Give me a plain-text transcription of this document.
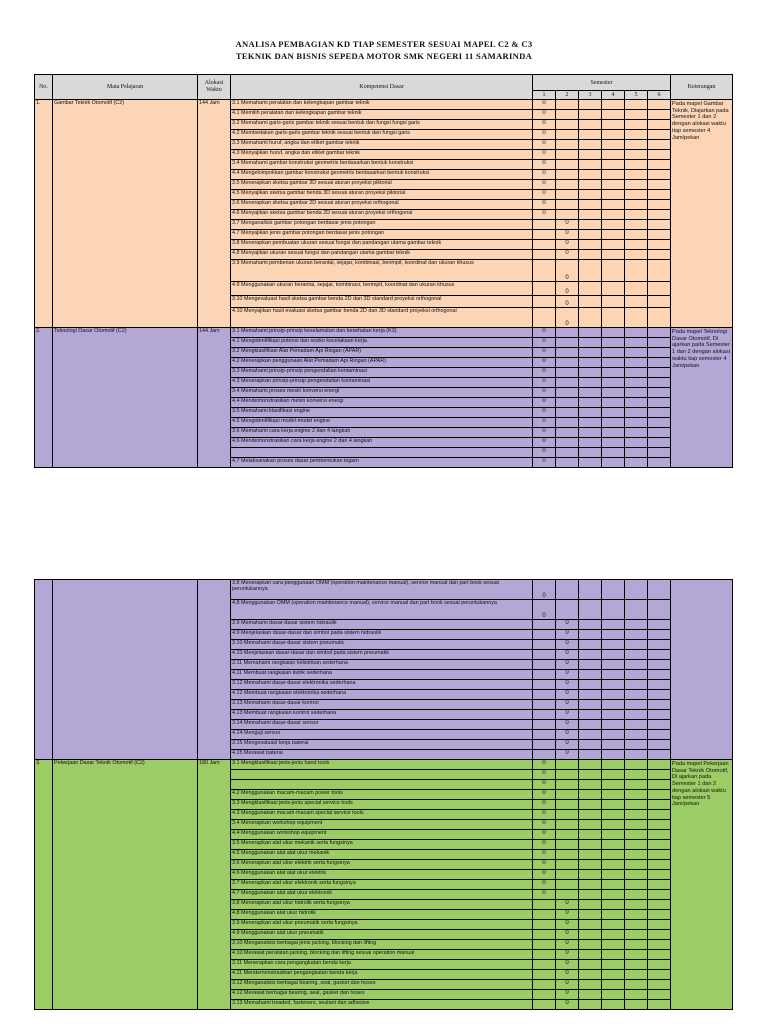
ANALISA PEMBAGIAN KD TIAP SEMESTER SESUAI MAPEL C2 & C3
TEKNIK DAN BISNIS SEPEDA MOTOR SMK NEGERI 11 SAMARINDA
No.	Mata Pelajaran	Alokasi Waktu	Kompetensi Dasar	Semester						Keterangan
				1	2	3	4	5	6	
1.	Gambar Teknik Otomotif (C2)	144 Jam	3.1 Memahami peralatan dan kelengkapan gambar teknik	0						Pada mapel Gambar Teknik, Diajarkan pada Semester 1 dan 2 dengan alokasi waktu tiap semester 4 Jam/pekan
			4.1 Memilih peralatan dan kelengkapan gambar teknik	0						
			3.2 Memahami garis-garis gambar teknik sesuai bentuk dan fungsi fungsi garis	0						
			4.2 Membedakan garis-garis gambar teknik sesuai bentuk dan fungsi garis	0						
			3.3 Memahami huruf, angka dan etiket gambar teknik	0						
			4.3 Menyajikan huruf, angka dan etiket gambar teknik	0						
			3.4 Memahami gambar konstruksi geometris berdasarkan bentuk konstruksi	0						
			4.4 Mengelompokkan gambar konstruksi geometris berdasarkan bentuk konstruksi	0						
			3.5 Menerapkan sketsa gambar 3D sesuai aturan proyeksi piktorial	0						
			4.5 Menyajikan sketsa gambar benda 3D sesuai aturan proyeksi piktorial	0						
			3.6 Menerapkan sketsa gambar 2D sesuai aturan proyeksi orthogonal	0						
			4.6 Menyajikan sketsa gambar benda 2D sesuai aturan proyeksi orthogonal	0						
			3.7 Menganalisis gambar potongan berdasar jenis potongan		0					
			4.7 Menyajikan jenis gambar potongan berdasar jenis potongan		0					
			3.8 Menerapkan pembuatan ukuran sesuai fungsi dan pandangan utama gambar teknik		0					
			4.8 Menyajikan ukuran sesuai fungsi dan pandangan utama gambar teknik		0					
			3.9 Memahami pemberian ukuran berantai, sejajar, kombinasi, berimpit, koordinat dan ukuran khusus		0					
			4.9 Menggunakan ukuran berantai, sejajar, kombinasi, berimpit, koordinat dan ukuran khusus		0					
			3.10 Mengevaluasi hasil sketsa gambar benda 2D dan 3D standard proyeksi orthogonal		0					
			4.10 Menyajikan hasil evaluasi sketsa gambar benda 2D dan 3D standard proyeksi orthogonal		0					
2.	Teknologi Dasar Otomotif (C2)	144 Jam	3.1 Memahami prinsip-prinsip keselamatan dan kesehatan kerja (K3)	0						Pada mapel Teknologi Dasar Otomotif, Di ajarkan pada Semester 1 dan 2 dengan alokasi waktu tiap semester 4 Jam/pekan
			4.1 Mengidentifikasi potensi dan resiko kecelakaan kerja	0						
			3.2 Mengklasifikasi Alat Pemadam Api Ringan (APAR)	0						
			4.2 Menerapkan penggunaan Alat Pemadam Api Ringan (APAR)	0						
			3.3 Memahami prinsip-prinsip pengendalian kontaminasi	0						
			4.3 Menerapkan prinsip-prinsip pengendalian kontaminasi	0						
			3.4 Memahami proses mesin konversi energi	0						
			4.4 Mendemonstrasikan mesin konversi energi	0						
			3.5 Memahami klasifikasi engine	0						
			4.5 Mengidentifikasi model-model engine	0						
			3.6 Memahami cara kerja engine 2 dan 4 langkah	0						
			4.6 Mendemonstrasikan cara kerja engine 2 dan 4 langkah	0						
				0						
			4.7 Melaksanakan proses dasar pembentukan logam	0						
			3.8 Menerapkan cara penggunaan OMM (operation maintenance manual), service manual dan part book sesuai peruntukannya	0						
			4.8 Menggunakan OMM (operation maintenance manual), service manual dan part book sesuai peruntukannya	0						
			3.9 Memahami dasar-dasar sistem hidraulik		0					
			4.9 Menjelaskan dasar-dasar dan simbol pada sistem hidraulik		0					
			3.10 Memahami dasar-dasar sistem pneumatic		0					
			4.10 Menjelaskan dasar-dasar dan simbol pada sistem pneumatik		0					
			3.11 Memahami rangkaian kelistrikan sederhana		0					
			4.11 Membuat rangkaian listrik sederhana		0					
			3.12 Memahami dasar-dasar elektronika sederhana		0					
			4.12 Membuat rangkaian elektronika sederhana		0					
			3.13 Memahami dasar-dasar kontrol		0					
			4.13 Membuat rangkaian kontrol sederhana		0					
			3.14 Memahami dasar-dasar sensor		0					
			4.14 Menguji sensor		0					
			3.15 Mengevaluasi kerja baterai		0					
			4.15 Merawat baterai		0					
3.	Pekerjaan Dasar Teknik Otomotif (C2)	180 Jam	3.1 Mengklasifikasi jenis-jenis hand tools	0						Pada mapel Pekerjaan Dasar Teknik Otomotif, Di ajarkan pada Semester 1 dan 2 dengan alokasi waktu tiap semester 5 Jam/pekan
				0						
				0						
			4.2 Menggunakan macam-macam power tools	0						
			3.3 Mengklasifikasi jenis-jenis special service tools	0						
			4.3 Menggunakan macam-macam special service tools	0						
			3.4 Menerapkan workshop equipment	0						
			4.4 Menggunakan workshop equipment	0						
			3.5 Menerapkan alat ukur mekanik serta fungsinya	0						
			4.5 Menggunakan alat alat ukur mekanik	0						
			3.6 Menerapkan alat ukur elektrik serta fungsinya	0						
			4.6 Menggunakan alat alat ukur elektrik	0						
			3.7 Menerapkan alat ukur elektronik serta fungsinya	0						
			4.7 Menggunakan alat alat ukur elektronik	0						
			3.8 Menerapkan alat ukur hidrolik serta fungsinya		0					
			4.8 Menggunakan alat ukur hidrolik		0					
			3.9 Menerapkan alat ukur pneumatik serta fungsinya		0					
			4.9 Menggunakan alat ukur pneumatik		0					
			3.10 Menganalisis berbagai jenis jacking, blocking dan lifting		0					
			4.10 Merawat peralatan jacking, blocking dan lifting sesuai operation manual		0					
			3.11 Menerapkan cara pengangkatan benda kerja		0					
			4.11 Mendemonstrasikan pengangkatan benda kerja		0					
			3.12 Menganalisis berbagai bearing, seal, gasket dan hoses		0					
			4.12 Merawat berbagai bearing, seal, gasket dan hoses		0					
			3.13 Memahami treaded, fasteners, sealant dan adhesive		0					
